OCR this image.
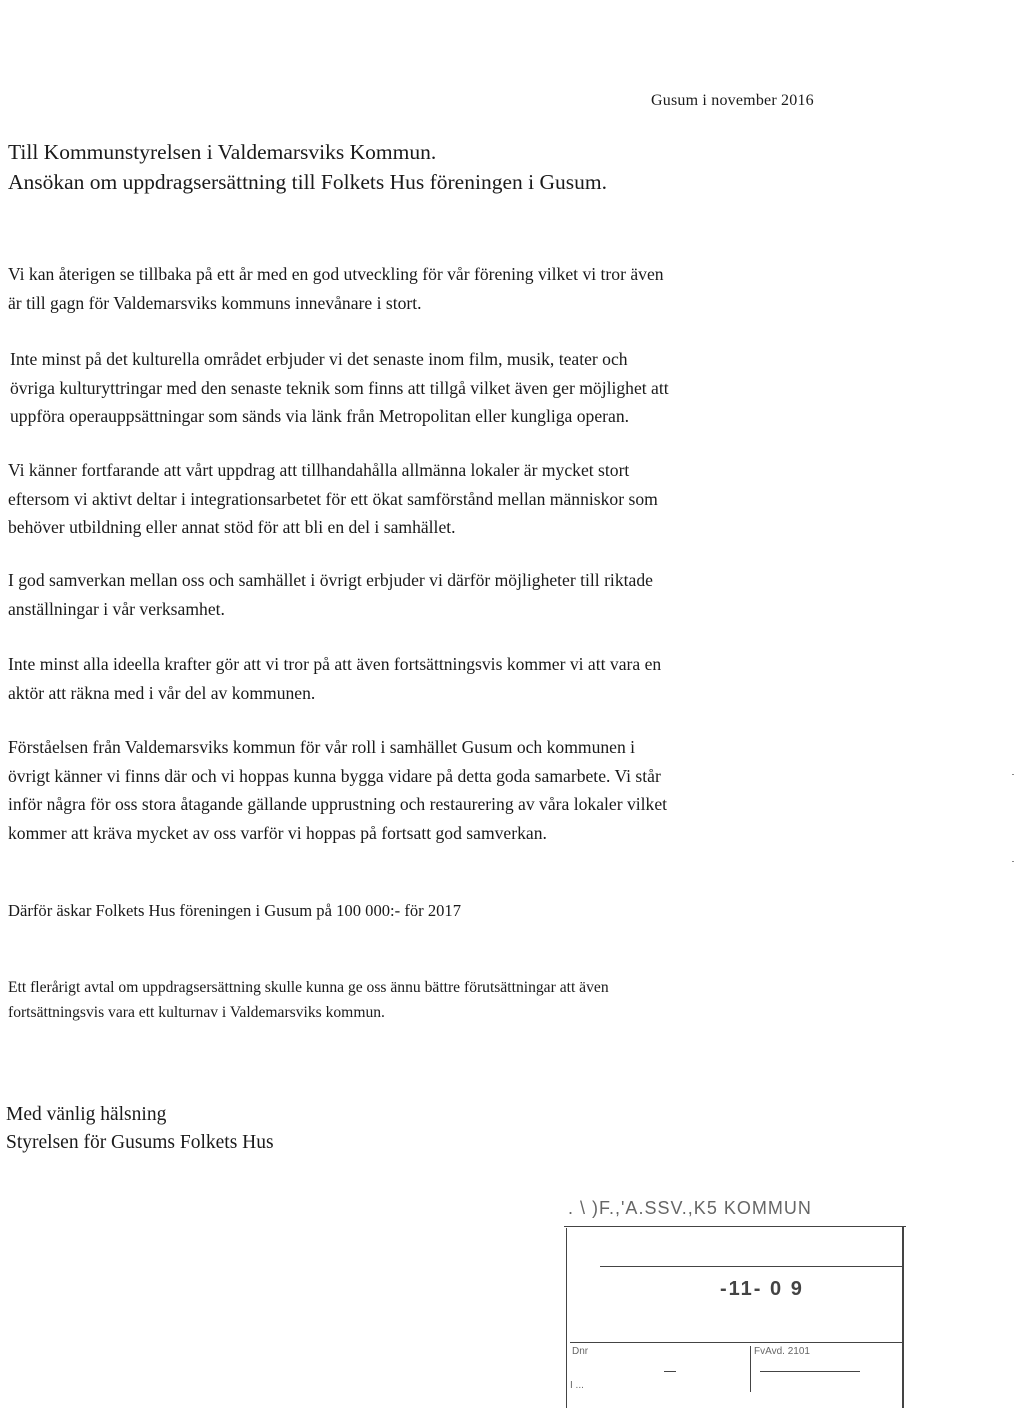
Gusum i november 2016
Till Kommunstyrelsen i Valdemarsviks Kommun.
Ansökan om uppdragsersättning till Folkets Hus föreningen i Gusum.
Vi kan återigen se tillbaka på ett år med en god utveckling för vår förening vilket vi tror även
är till gagn för Valdemarsviks kommuns innevånare i stort.
Inte minst på det kulturella området erbjuder vi det senaste inom film, musik, teater och
övriga kulturyttringar med den senaste teknik som finns att tillgå vilket även ger möjlighet att
uppföra operauppsättningar som sänds via länk från Metropolitan eller kungliga operan.
Vi känner fortfarande att vårt uppdrag att tillhandahålla allmänna lokaler är mycket stort
eftersom vi aktivt deltar i integrationsarbetet för ett ökat samförstånd mellan människor som
behöver utbildning eller annat stöd för att bli en del i samhället.
I god samverkan mellan oss och samhället i övrigt erbjuder vi därför möjligheter till riktade
anställningar i vår verksamhet.
Inte minst alla ideella krafter gör att vi tror på att även fortsättningsvis kommer vi att vara en
aktör att räkna med i vår del av kommunen.
Förståelsen från Valdemarsviks kommun för vår roll i samhället Gusum och kommunen i
övrigt känner vi finns där och vi hoppas kunna bygga vidare på detta goda samarbete. Vi står
inför några för oss stora åtagande gällande upprustning och restaurering av våra lokaler vilket
kommer att kräva mycket av oss varför vi hoppas på fortsatt god samverkan.
Därför äskar Folkets Hus föreningen i Gusum på 100 000:- för 2017
Ett flerårigt avtal om uppdragsersättning skulle kunna ge oss ännu bättre förutsättningar att även
fortsättningsvis vara ett kulturnav i Valdemarsviks kommun.
Med vänlig hälsning
Styrelsen för Gusums Folkets Hus
. \ )F.,'A.SSV.,K5 KOMMUN
-11- 0 9
Dnr	FvAvd. 2101
I ...
